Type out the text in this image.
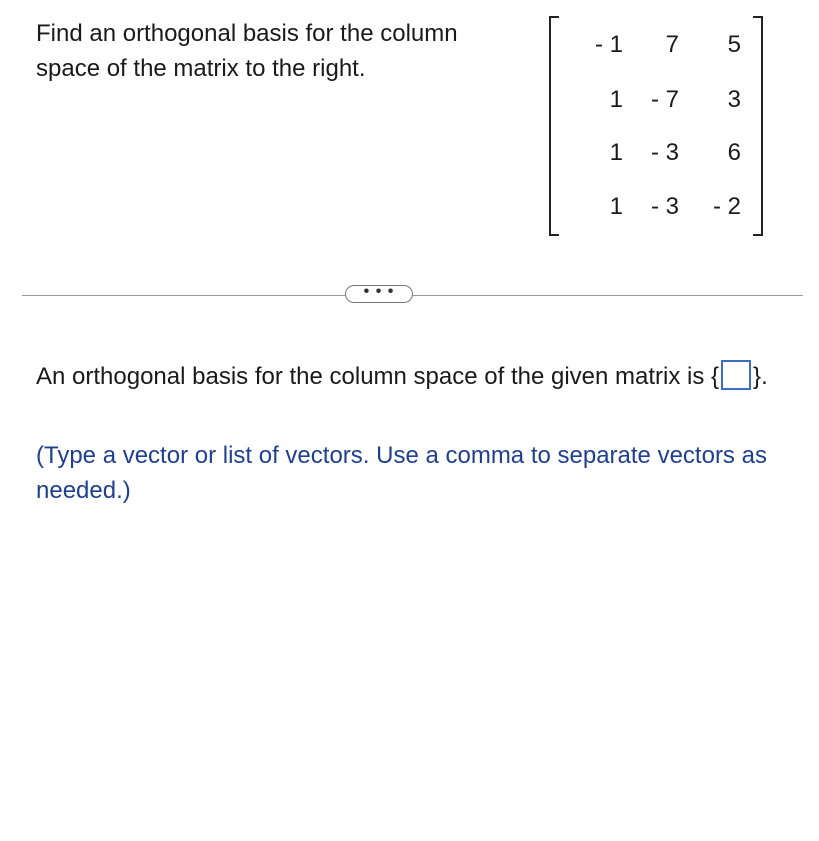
Find an orthogonal basis for the column space of the matrix to the right.
- 1	7	5
1	- 7	3
1	- 3	6
1	- 3	- 2
• • •
An orthogonal basis for the column space of the given matrix is { }.
(Type a vector or list of vectors. Use a comma to separate vectors as needed.)
